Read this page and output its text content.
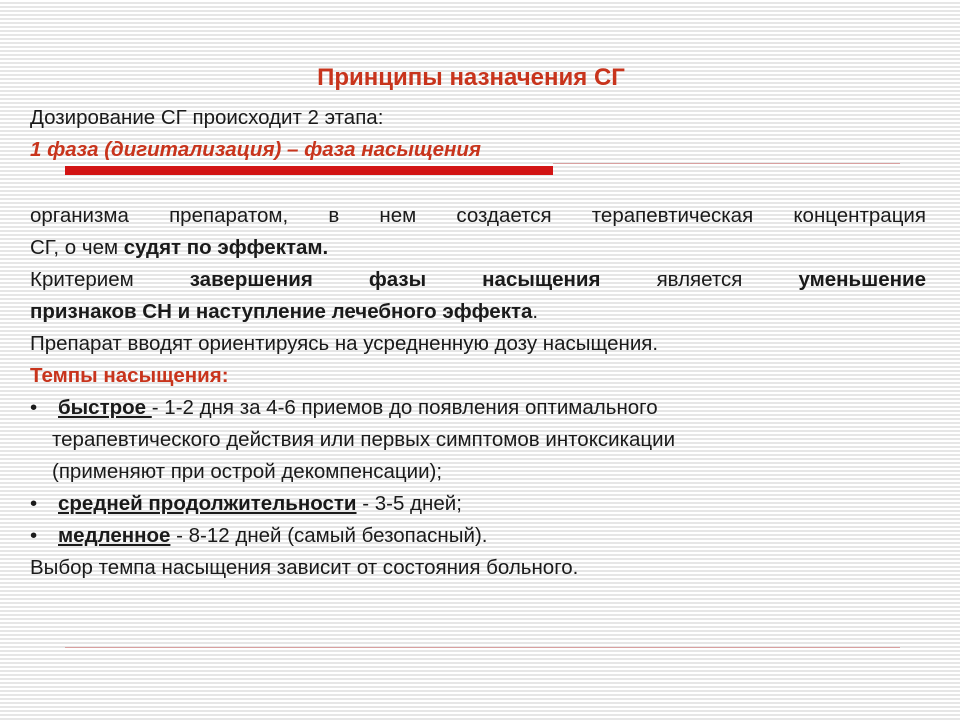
Принципы назначения СГ

Дозирование СГ происходит 2 этапа:

1 фаза (дигитализация) – фаза насыщения

организма препаратом, в нем создается терапевтическая концентрация

СГ, о чем судят по эффектам.

Критерием завершения фазы насыщения является уменьшение

признаков СН и наступление лечебного эффекта.

Препарат вводят ориентируясь на усредненную дозу насыщения.

Темпы насыщения:

• быстрое - 1-2 дня за 4-6 приемов до появления оптимального

терапевтического действия или первых симптомов интоксикации

(применяют при острой декомпенсации);

• средней продолжительности - 3-5 дней;

• медленное - 8-12 дней (самый безопасный).

Выбор темпа насыщения зависит от состояния больного.
